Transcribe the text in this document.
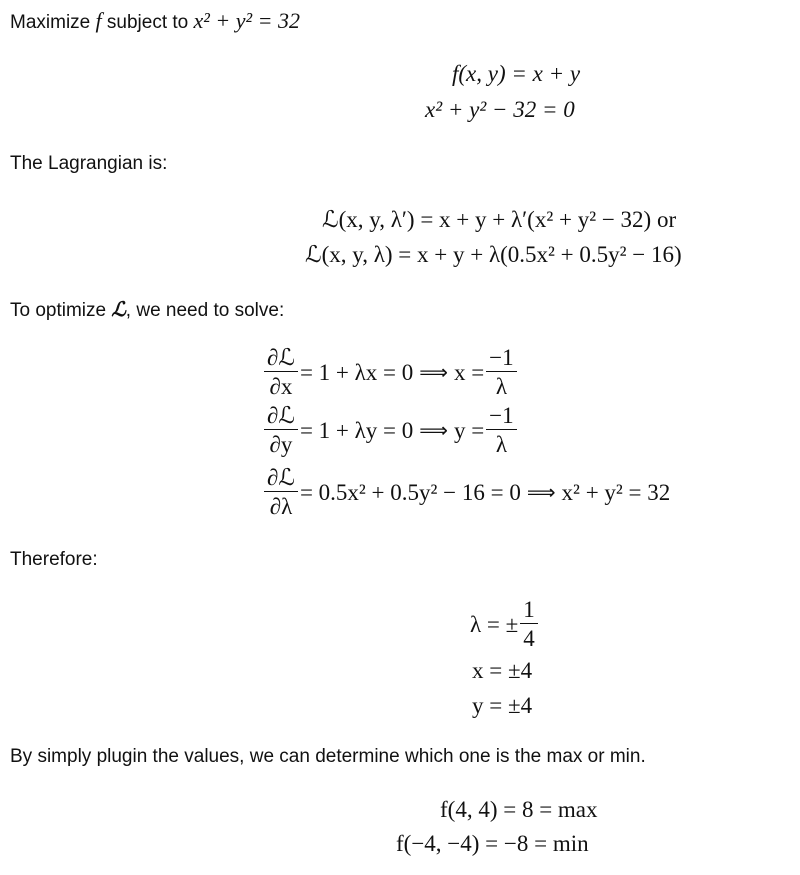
Maximize f subject to x² + y² = 32
f(x, y) = x + y
x² + y² − 32 = 0
The Lagrangian is:
ℒ(x, y, λ′) = x + y + λ′(x² + y² − 32) or
ℒ(x, y, λ) = x + y + λ(0.5x² + 0.5y² − 16)
To optimize ℒ, we need to solve:
$\frac{\text{∂ℒ}}{\partial x} = 1 + \lambda x = 0$ ⟹ $x = \frac{-1}{\lambda}$
$\frac{\text{∂ℒ}}{\partial y} = 1 + \lambda y = 0$ ⟹ $y = \frac{-1}{\lambda}$
$\frac{\text{∂ℒ}}{\partial\lambda} = 0.5x^2 + 0.5y^2 - 16 = 0$ ⟹ x² + y² = 32
Therefore:
λ = ± $\frac{1}{4}$
x = ±4
y = ±4
By simply plugin the values, we can determine which one is the max or min.
f(4, 4) = 8 = max
f(−4, −4) = −8 = min
